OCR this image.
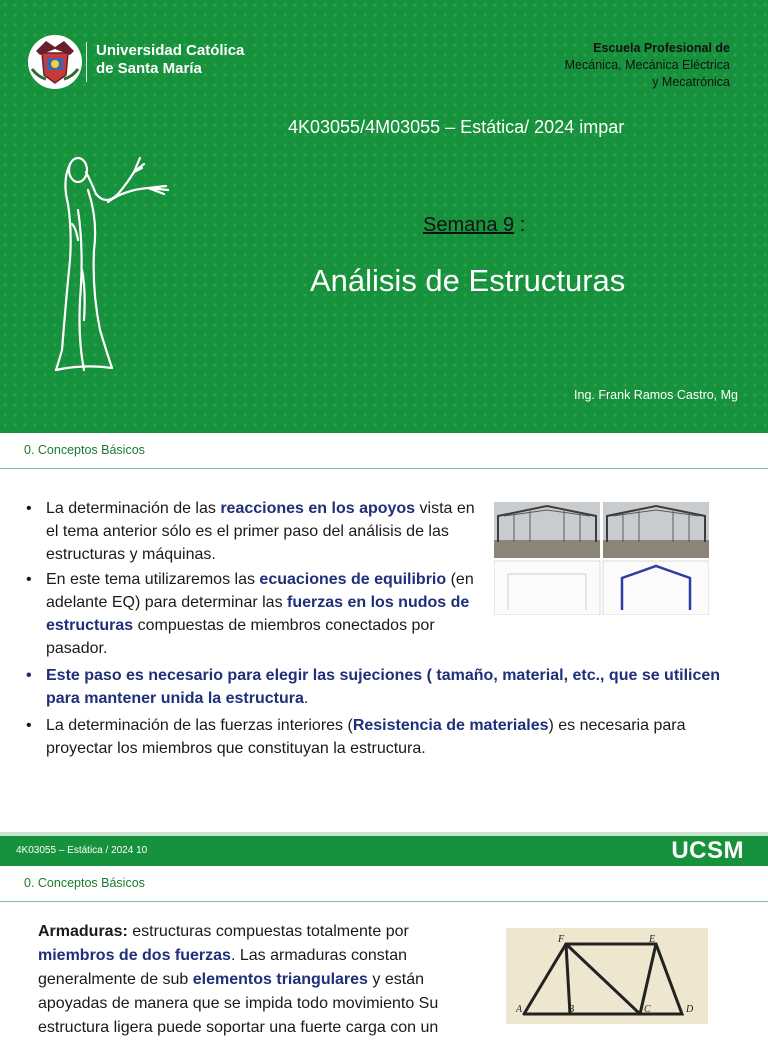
Universidad Católica
de Santa María
Escuela Profesional de
Mecánica, Mecánica Eléctrica
y Mecatrónica
4K03055/4M03055 – Estática/ 2024 impar
Semana 9 :
Análisis de Estructuras
Ing. Frank Ramos Castro, Mg
0. Conceptos Básicos
• La determinación de las reacciones en los apoyos vista en el tema anterior sólo es el primer paso del análisis de las estructuras y máquinas.
• En este tema utilizaremos las ecuaciones de equilibrio (en adelante EQ) para determinar las fuerzas en los nudos de estructuras compuestas de miembros conectados por pasador.
• Este paso es necesario para elegir las sujeciones ( tamaño, material, etc., que se utilicen para mantener unida la estructura.
• La determinación de las fuerzas interiores (Resistencia de materiales) es necesaria para proyectar los miembros que constituyan la estructura.
4K03055 – Estática / 2024 10	UCSM
0. Conceptos Básicos
Armaduras: estructuras compuestas totalmente por miembros de dos fuerzas. Las armaduras constan generalmente de sub elementos triangulares y están apoyadas de manera que se impida todo movimiento Su estructura ligera puede soportar una fuerte carga con un
F	E
A	B	C	D
